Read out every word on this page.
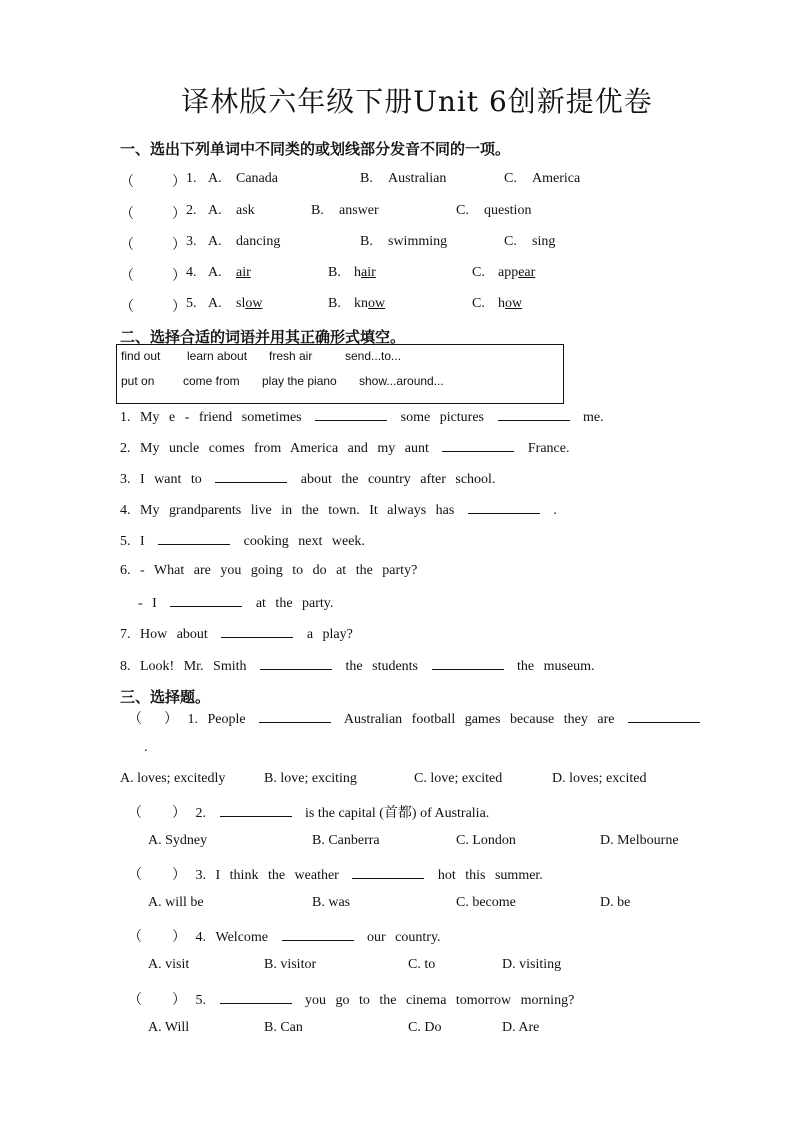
译林版六年级下册Unit 6创新提优卷
一、选出下列单词中不同类的或划线部分发音不同的一项。
（	） 1. A. Canada	B. Australian	C. America
（	） 2. A. ask	B. answer	C. question
（	） 3. A. dancing	B. swimming	C. sing
（	） 4. A. air	B. hair	C. appear
（	） 5. A. slow	B. know	C. how
二、选择合适的词语并用其正确形式填空。
find out learn about fresh air	send...to...
put on come from play the piano show...around...
1. My e - friend sometimes	some pictures	me.
2. My uncle comes from America and my aunt	France.
3. I want to	about the country after school.
4. My grandparents live in the town. It always has	.
5. I	cooking next week.
6. - What are you going to do at the party?
- I	at the party.
7. How about	a play?
8. Look! Mr. Smith	the students	the museum.
三、选择题。
（ ） 1. People	Australian football games because they are
.
A. loves; excitedly	B. love; exciting	C. love; excited	D. loves; excited
（ ） 2.	is the capital (首都) of Australia.
A. Sydney	B. Canberra	C. London	D. Melbourne
（ ） 3. I think the weather	hot this summer.
A. will be	B. was	C. become	D. be
（ ） 4. Welcome	our country.
A. visit	B. visitor	C. to	D. visiting
（ ） 5.	you go to the cinema tomorrow morning?
A. Will	B. Can	C. Do	D. Are
